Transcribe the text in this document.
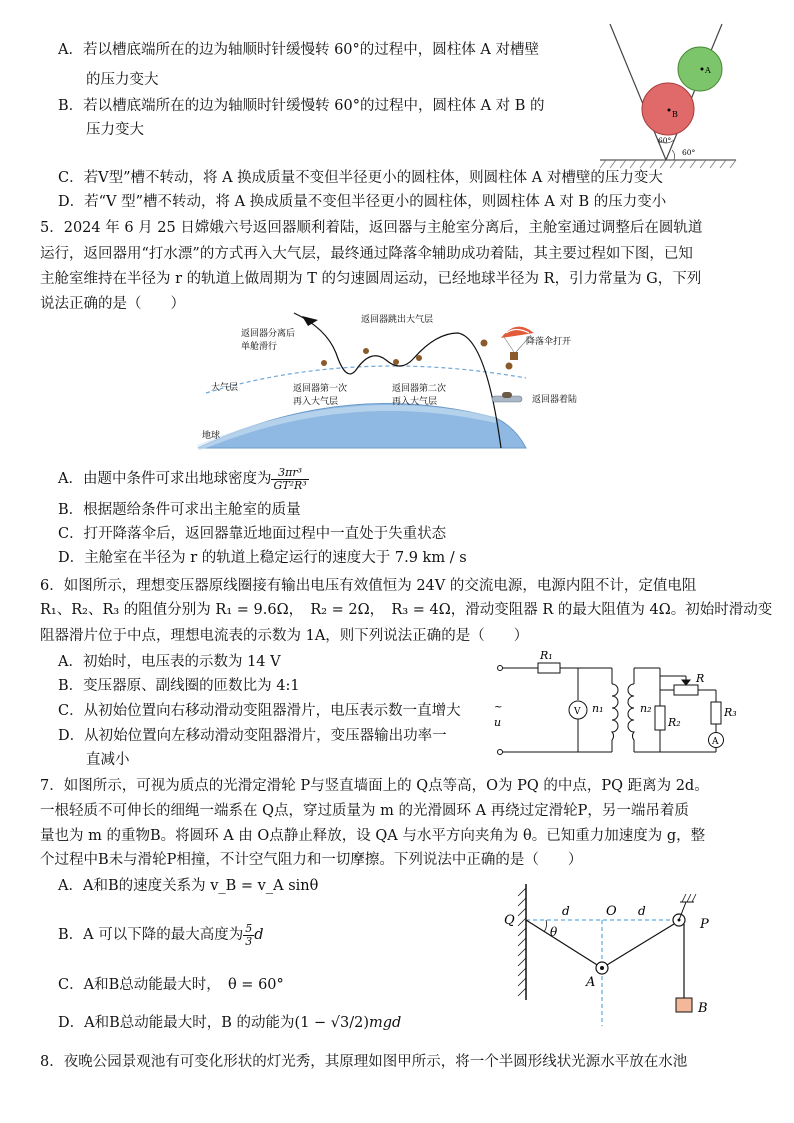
A．若以槽底端所在的边为轴顺时针缓慢转 60°的过程中，圆柱体 A 对槽壁
的压力变大
B．若以槽底端所在的边为轴顺时针缓慢转 60°的过程中，圆柱体 A 对 B 的
压力变大
C．若V型”槽不转动，将 A 换成质量不变但半径更小的圆柱体，则圆柱体 A 对槽壁的压力变大
D．若“V 型”槽不转动，将 A 换成质量不变但半径更小的圆柱体，则圆柱体 A 对 B 的压力变小
A
B
60°
60°
5．2024 年 6 月 25 日嫦娥六号返回器顺利着陆，返回器与主舱室分离后，主舱室通过调整后在圆轨道
运行，返回器用“打水漂”的方式再入大气层，最终通过降落伞辅助成功着陆，其主要过程如下图，已知
主舱室维持在半径为 r 的轨道上做周期为 T 的匀速圆周运动，已经地球半径为 R，引力常量为 G，下列
说法正确的是（　　）
返回器分离后
单舱滑行
返回器跳出大气层
降落伞打开
大气层	返回器第一次
再入大气层
返回器第二次
再入大气层	返回器着陆
地球
A．由题中条件可求出地球密度为 $\frac{\text{3πr³}}{\text{GT²R³}}$
B．根据题给条件可求出主舱室的质量
C．打开降落伞后，返回器靠近地面过程中一直处于失重状态
D．主舱室在半径为 r 的轨道上稳定运行的速度大于 7.9 km / s
6．如图所示，理想变压器原线圈接有输出电压有效值恒为 24V 的交流电源，电源内阻不计，定值电阻
R₁、R₂、R₃ 的阻值分别为 R₁ = 9.6Ω，　R₂ = 2Ω，　R₃ = 4Ω，滑动变阻器 R 的最大阻值为 4Ω。初始时滑动变
阻器滑片位于中点，理想电流表的示数为 1A，则下列说法正确的是（　　）
A．初始时，电压表的示数为 14 V
B．变压器原、副线圈的匝数比为 4:1
C．从初始位置向右移动滑动变阻器滑片，电压表示数一直增大
D．从初始位置向左移动滑动变阻器滑片，变压器输出功率一
直减小
R₁
V n₁	n₂
R
R₂
R₃
A
~
u
7．如图所示，可视为质点的光滑定滑轮 P与竖直墙面上的 Q点等高，O为 PQ 的中点，PQ 距离为 2d。
一根轻质不可伸长的细绳一端系在 Q点，穿过质量为 m 的光滑圆环 A 再绕过定滑轮P，另一端吊着质
量也为 m 的重物B。将圆环 A 由 O点静止释放，设 QA 与水平方向夹角为 θ。已知重力加速度为 g，整
个过程中B未与滑轮P相撞，不计空气阻力和一切摩擦。下列说法中正确的是（　　）
A．A和B的速度关系为 v_B = v_A sinθ
B．A 可以下降的最大高度为 $\frac{5}{3}$ d
C．A和B总动能最大时，　θ = 60°
D．A和B总动能最大时，B 的动能为(1 − √3/2)mgd
Q
O
P
d	d
θ
A
B
8．夜晚公园景观池有可变化形状的灯光秀，其原理如图甲所示，将一个半圆形线状光源水平放在水池
